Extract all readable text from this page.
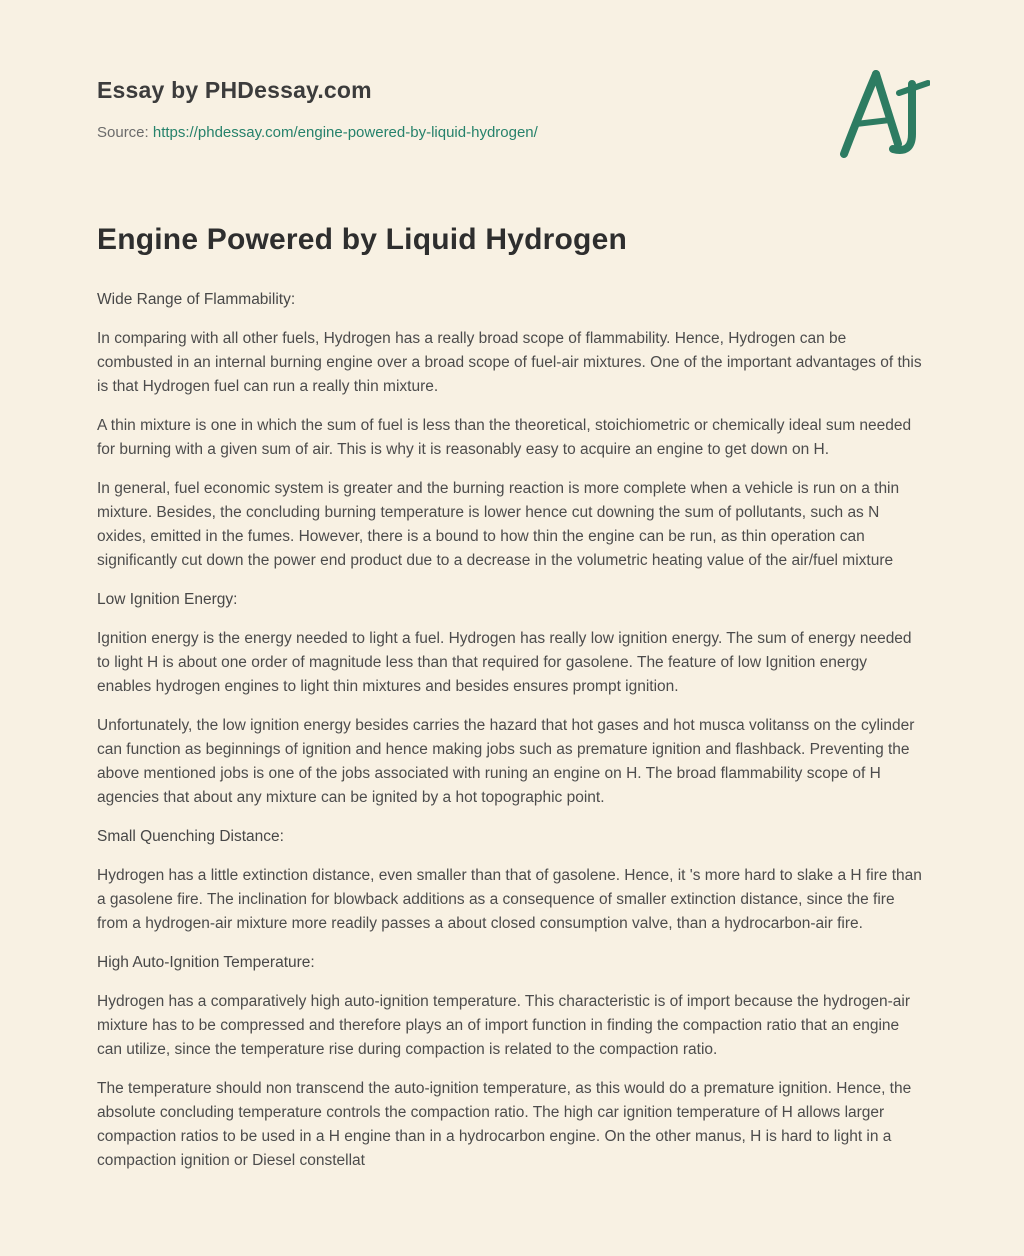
Essay by PHDessay.com
Source: https://phdessay.com/engine-powered-by-liquid-hydrogen/
Engine Powered by Liquid Hydrogen

Wide Range of Flammability:

In comparing with all other fuels, Hydrogen has a really broad scope of flammability. Hence, Hydrogen can be combusted in an internal burning engine over a broad scope of fuel-air mixtures. One of the important advantages of this is that Hydrogen fuel can run a really thin mixture.

A thin mixture is one in which the sum of fuel is less than the theoretical, stoichiometric or chemically ideal sum needed for burning with a given sum of air. This is why it is reasonably easy to acquire an engine to get down on H.

In general, fuel economic system is greater and the burning reaction is more complete when a vehicle is run on a thin mixture. Besides, the concluding burning temperature is lower hence cut downing the sum of pollutants, such as N oxides, emitted in the fumes. However, there is a bound to how thin the engine can be run, as thin operation can significantly cut down the power end product due to a decrease in the volumetric heating value of the air/fuel mixture

Low Ignition Energy:

Ignition energy is the energy needed to light a fuel. Hydrogen has really low ignition energy. The sum of energy needed to light H is about one order of magnitude less than that required for gasolene. The feature of low Ignition energy enables hydrogen engines to light thin mixtures and besides ensures prompt ignition.

Unfortunately, the low ignition energy besides carries the hazard that hot gases and hot musca volitanss on the cylinder can function as beginnings of ignition and hence making jobs such as premature ignition and flashback. Preventing the above mentioned jobs is one of the jobs associated with runing an engine on H. The broad flammability scope of H agencies that about any mixture can be ignited by a hot topographic point.

Small Quenching Distance:

Hydrogen has a little extinction distance, even smaller than that of gasolene. Hence, it 's more hard to slake a H fire than a gasolene fire. The inclination for blowback additions as a consequence of smaller extinction distance, since the fire from a hydrogen-air mixture more readily passes a about closed consumption valve, than a hydrocarbon-air fire.

High Auto-Ignition Temperature:

Hydrogen has a comparatively high auto-ignition temperature. This characteristic is of import because the hydrogen-air mixture has to be compressed and therefore plays an of import function in finding the compaction ratio that an engine can utilize, since the temperature rise during compaction is related to the compaction ratio.

The temperature should non transcend the auto-ignition temperature, as this would do a premature ignition. Hence, the absolute concluding temperature controls the compaction ratio. The high car ignition temperature of H allows larger compaction ratios to be used in a H engine than in a hydrocarbon engine. On the other manus, H is hard to light in a compaction ignition or Diesel constellat
